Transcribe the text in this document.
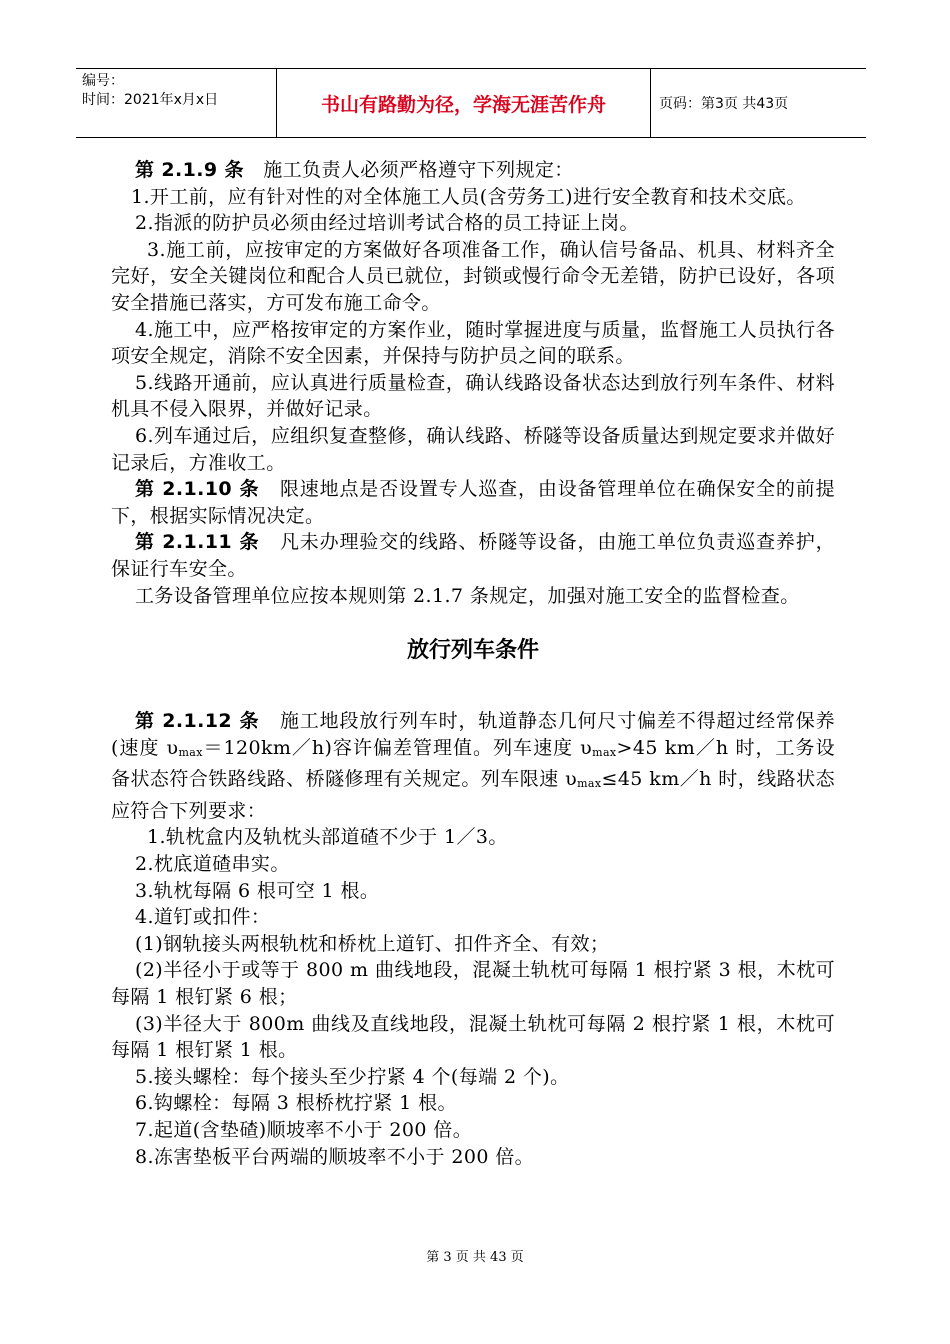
编号：
时间：2021年x月x日	书山有路勤为径，学海无涯苦作舟	页码：第3页 共43页

第 2.1.9 条 施工负责人必须严格遵守下列规定：

1.开工前，应有针对性的对全体施工人员(含劳务工)进行安全教育和技术交底。

2.指派的防护员必须由经过培训考试合格的员工持证上岗。

3.施工前，应按审定的方案做好各项准备工作，确认信号备品、机具、材料齐全完好，安全关键岗位和配合人员已就位，封锁或慢行命令无差错，防护已设好，各项安全措施已落实，方可发布施工命令。

4.施工中，应严格按审定的方案作业，随时掌握进度与质量，监督施工人员执行各项安全规定，消除不安全因素，并保持与防护员之间的联系。

5.线路开通前，应认真进行质量检查，确认线路设备状态达到放行列车条件、材料机具不侵入限界，并做好记录。

6.列车通过后，应组织复查整修，确认线路、桥隧等设备质量达到规定要求并做好记录后，方准收工。

第 2.1.10 条 限速地点是否设置专人巡查，由设备管理单位在确保安全的前提下，根据实际情况决定。

第 2.1.11 条 凡未办理验交的线路、桥隧等设备，由施工单位负责巡查养护，保证行车安全。

工务设备管理单位应按本规则第 2.1.7 条规定，加强对施工安全的监督检查。

放行列车条件

第 2.1.12 条 施工地段放行列车时，轨道静态几何尺寸偏差不得超过经常保养(速度 $\upsilon_{max}=120km/h$)容许偏差管理值。列车速度 $\upsilon_{max}>45$ km／h 时，工务设备状态符合铁路线路、桥隧修理有关规定。列车限速 $\upsilon_{max}\le 45$ km／h 时，线路状态应符合下列要求：

1.轨枕盒内及轨枕头部道碴不少于 1／3。

2.枕底道碴串实。

3.轨枕每隔 6 根可空 1 根。

4.道钉或扣件：

(1)钢轨接头两根轨枕和桥枕上道钉、扣件齐全、有效；

(2)半径小于或等于 800 m 曲线地段，混凝土轨枕可每隔 1 根拧紧 3 根，木枕可每隔 1 根钉紧 6 根；

(3)半径大于 800m 曲线及直线地段，混凝土轨枕可每隔 2 根拧紧 1 根，木枕可每隔 1 根钉紧 1 根。

5.接头螺栓：每个接头至少拧紧 4 个(每端 2 个)。

6.钩螺栓：每隔 3 根桥枕拧紧 1 根。

7.起道(含垫碴)顺坡率不小于 200 倍。

8.冻害垫板平台两端的顺坡率不小于 200 倍。

第 3 页 共 43 页
